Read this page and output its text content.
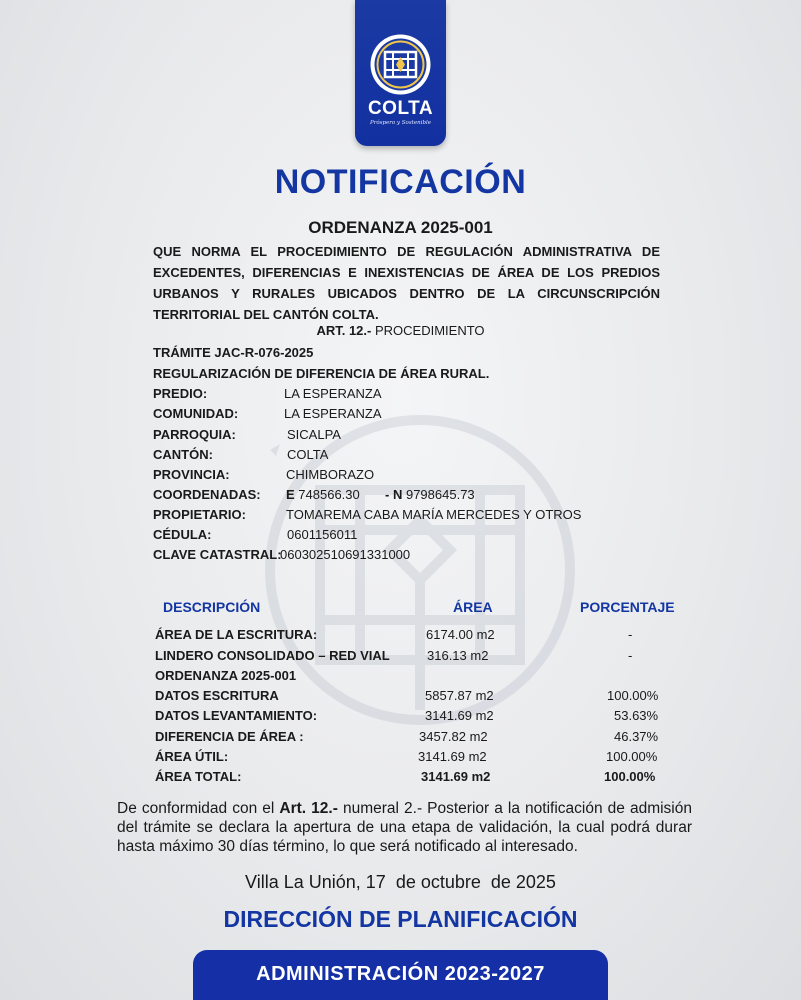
COLTA
Próspero y Sostenible
NOTIFICACIÓN
ORDENANZA 2025-001
QUE NORMA EL PROCEDIMIENTO DE REGULACIÓN ADMINISTRATIVA DE EXCEDENTES, DIFERENCIAS E INEXISTENCIAS DE ÁREA DE LOS PREDIOS URBANOS Y RURALES UBICADOS DENTRO DE LA CIRCUNSCRIPCIÓN TERRITORIAL DEL CANTÓN COLTA.
ART. 12.- PROCEDIMIENTO
TRÁMITE JAC-R-076-2025
REGULARIZACIÓN DE DIFERENCIA DE ÁREA RURAL.
PREDIO:	LA ESPERANZA
COMUNIDAD:	LA ESPERANZA
PARROQUIA:	SICALPA
CANTÓN:	COLTA
PROVINCIA:	CHIMBORAZO
COORDENADAS: E 748566.30 - N 9798645.73
PROPIETARIO:	TOMAREMA CABA MARÍA MERCEDES Y OTROS
CÉDULA:	0601156011
CLAVE CATASTRAL:
060302510691331000
DESCRIPCIÓN	ÁREA	PORCENTAJE
ÁREA DE LA ESCRITURA:	6174.00 m2	-
LINDERO CONSOLIDADO – RED VIAL	316.13 m2	-
ORDENANZA 2025-001
DATOS ESCRITURA	5857.87 m2	100.00%
DATOS LEVANTAMIENTO:	3141.69 m2	53.63%
DIFERENCIA DE ÁREA :	3457.82 m2	46.37%
ÁREA ÚTIL:	3141.69 m2	100.00%
ÁREA TOTAL:	3141.69 m2	100.00%
De conformidad con el Art. 12.- numeral 2.- Posterior a la notificación de admisión del trámite se declara la apertura de una etapa de validación, la cual podrá durar hasta máximo 30 días término, lo que será notificado al interesado.
Villa La Unión, 17  de octubre  de 2025
DIRECCIÓN DE PLANIFICACIÓN
ADMINISTRACIÓN 2023-2027
